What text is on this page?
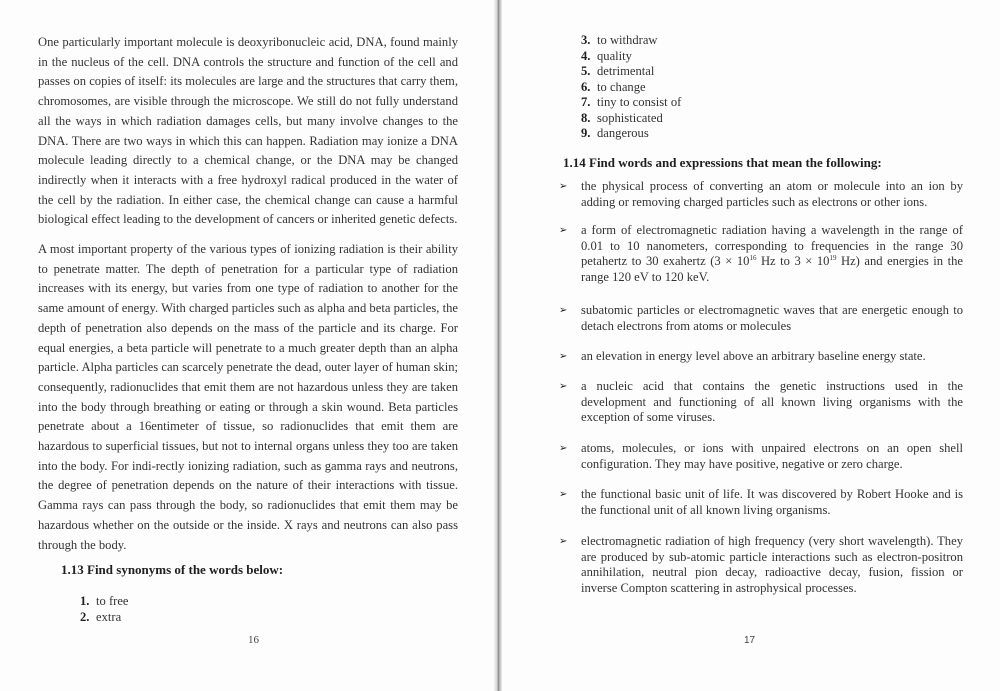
One particularly important molecule is deoxyribonucleic acid, DNA, found mainly in the nucleus of the cell. DNA controls the structure and function of the cell and passes on copies of itself: its molecules are large and the structures that carry them, chromosomes, are visible through the microscope. We still do not fully understand all the ways in which radiation damages cells, but many involve changes to the DNA. There are two ways in which this can happen. Radiation may ionize a DNA molecule leading directly to a chemical change, or the DNA may be changed indirectly when it interacts with a free hydroxyl radical produced in the water of the cell by the radiation. In either case, the chemical change can cause a harmful biological effect leading to the development of cancers or inherited genetic defects.

A most important property of the various types of ionizing radiation is their ability to penetrate matter. The depth of penetration for a particular type of radiation increases with its energy, but varies from one type of radiation to another for the same amount of energy. With charged particles such as alpha and beta particles, the depth of penetration also depends on the mass of the particle and its charge. For equal energies, a beta particle will penetrate to a much greater depth than an alpha particle. Alpha particles can scarcely penetrate the dead, outer layer of human skin; consequently, radionuclides that emit them are not hazardous unless they are taken into the body through breathing or eating or through a skin wound. Beta particles penetrate about a 16entimeter of tissue, so radionuclides that emit them are hazardous to superficial tissues, but not to internal organs unless they too are taken into the body. For indi-rectly ionizing radiation, such as gamma rays and neutrons, the degree of penetration depends on the nature of their interactions with tissue. Gamma rays can pass through the body, so radionuclides that emit them may be hazardous whether on the outside or the inside. X rays and neutrons can also pass through the body.

1.13 Find synonyms of the words below:
1. to free
2. extra
16
3. to withdraw
4. quality
5. detrimental
6. to change
7. tiny to consist of
8. sophisticated
9. dangerous
1.14 Find words and expressions that mean the following:
➢	the physical process of converting an atom or molecule into an ion by adding or removing charged particles such as electrons or other ions.
➢	a form of electromagnetic radiation having a wavelength in the range of 0.01 to 10 nanometers, corresponding to frequencies in the range 30 petahertz to 30 exahertz ($3 \times 10^{16}$ Hz to $3 \times 10^{19}$ Hz) and energies in the range 120 eV to 120 keV.
➢	subatomic particles or electromagnetic waves that are energetic enough to detach electrons from atoms or molecules
➢	an elevation in energy level above an arbitrary baseline energy state.
➢	a nucleic acid that contains the genetic instructions used in the development and functioning of all known living organisms with the exception of some viruses.
➢	atoms, molecules, or ions with unpaired electrons on an open shell configuration. They may have positive, negative or zero charge.
➢	the functional basic unit of life. It was discovered by Robert Hooke and is the functional unit of all known living organisms.
➢	electromagnetic radiation of high frequency (very short wavelength). They are produced by sub-atomic particle interactions such as electron-positron annihilation, neutral pion decay, radioactive decay, fusion, fission or inverse Compton scattering in astrophysical processes.
17
